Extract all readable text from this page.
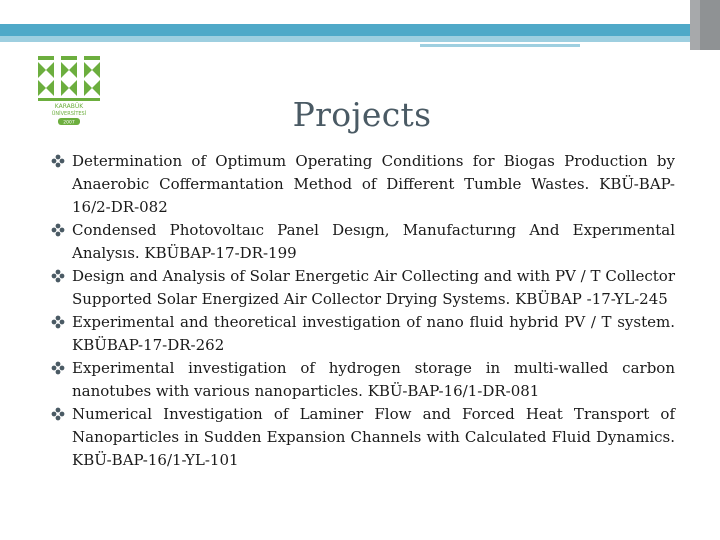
KARABÜK
ÜNİVERSİTESİ
2007	Projects
Determination of Optimum Operating Conditions for Biogas Production by Anaerobic Coffermantation Method of Different Tumble Wastes. KBÜ-BAP-16/2-DR-082
Condensed Photovoltaıc Panel Desıgn, Manufacturıng And Experımental Analysıs. KBÜBAP-17-DR-199
Design and Analysis of Solar Energetic Air Collecting and with PV / T Collector Supported Solar Energized Air Collector Drying Systems. KBÜBAP -17-YL-245
Experimental and theoretical investigation of nano fluid hybrid PV / T system. KBÜBAP-17-DR-262
Experimental investigation of hydrogen storage in multi-walled carbon nanotubes with various nanoparticles. KBÜ-BAP-16/1-DR-081
Numerical Investigation of Laminer Flow and Forced Heat Transport of Nanoparticles in Sudden Expansion Channels with Calculated Fluid Dynamics. KBÜ-BAP-16/1-YL-101
